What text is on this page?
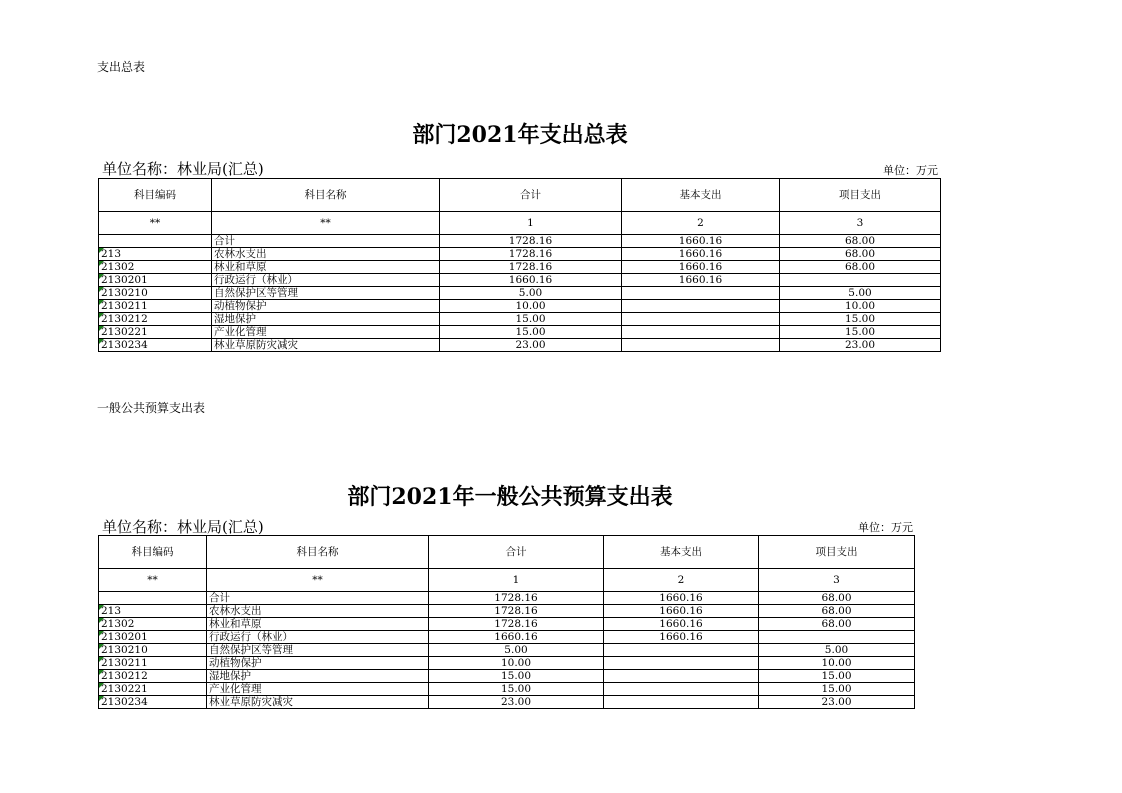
支出总表
部门2021年支出总表
单位名称：林业局(汇总)	单位：万元
科目编码	科目名称	合计	基本支出	项目支出
**	**	1	2	3
	合计	1728.16	1660.16	68.00
213	农林水支出	1728.16	1660.16	68.00
21302	林业和草原	1728.16	1660.16	68.00
2130201	行政运行（林业）	1660.16	1660.16	
2130210	自然保护区等管理	5.00		5.00
2130211	动植物保护	10.00		10.00
2130212	湿地保护	15.00		15.00
2130221	产业化管理	15.00		15.00
2130234	林业草原防灾减灾	23.00		23.00
一般公共预算支出表
部门2021年一般公共预算支出表
单位名称：林业局(汇总)	单位：万元
科目编码	科目名称	合计	基本支出	项目支出
**	**	1	2	3
	合计	1728.16	1660.16	68.00
213	农林水支出	1728.16	1660.16	68.00
21302	林业和草原	1728.16	1660.16	68.00
2130201	行政运行（林业）	1660.16	1660.16	
2130210	自然保护区等管理	5.00		5.00
2130211	动植物保护	10.00		10.00
2130212	湿地保护	15.00		15.00
2130221	产业化管理	15.00		15.00
2130234	林业草原防灾减灾	23.00		23.00
